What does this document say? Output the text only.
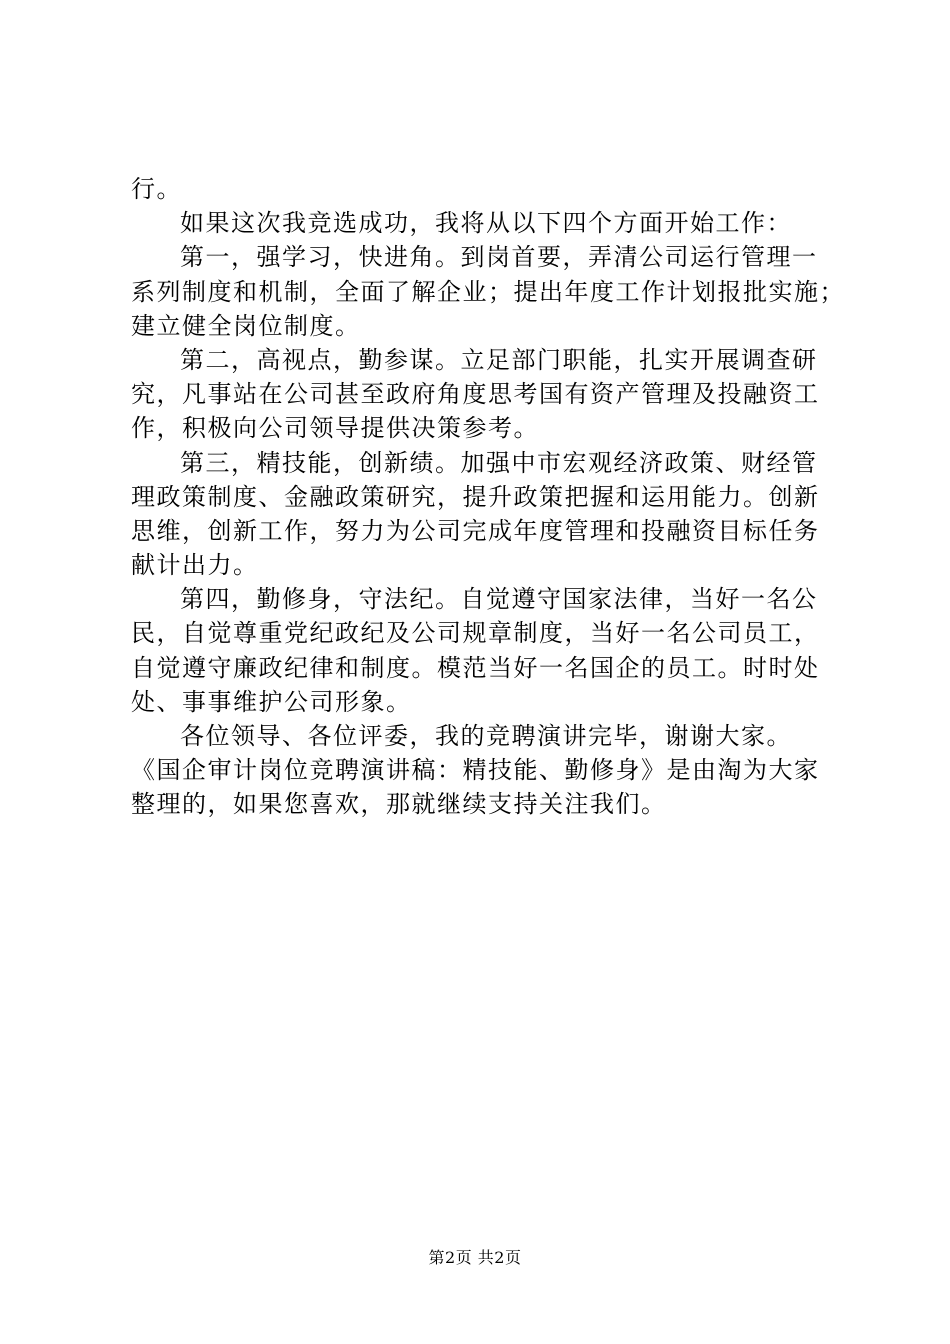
行。
如果这次我竞选成功，我将从以下四个方面开始工作：
第一，强学习，快进角。到岗首要，弄清公司运行管理一
系列制度和机制，全面了解企业；提出年度工作计划报批实施；
建立健全岗位制度。
第二，高视点，勤参谋。立足部门职能，扎实开展调查研
究，凡事站在公司甚至政府角度思考国有资产管理及投融资工
作，积极向公司领导提供决策参考。
第三，精技能，创新绩。加强中市宏观经济政策、财经管
理政策制度、金融政策研究，提升政策把握和运用能力。创新
思维，创新工作，努力为公司完成年度管理和投融资目标任务
献计出力。
第四，勤修身，守法纪。自觉遵守国家法律，当好一名公
民，自觉尊重党纪政纪及公司规章制度，当好一名公司员工，
自觉遵守廉政纪律和制度。模范当好一名国企的员工。时时处
处、事事维护公司形象。
各位领导、各位评委，我的竞聘演讲完毕，谢谢大家。
《国企审计岗位竞聘演讲稿：精技能、勤修身》是由淘为大家
整理的，如果您喜欢，那就继续支持关注我们。
第2页 共2页
